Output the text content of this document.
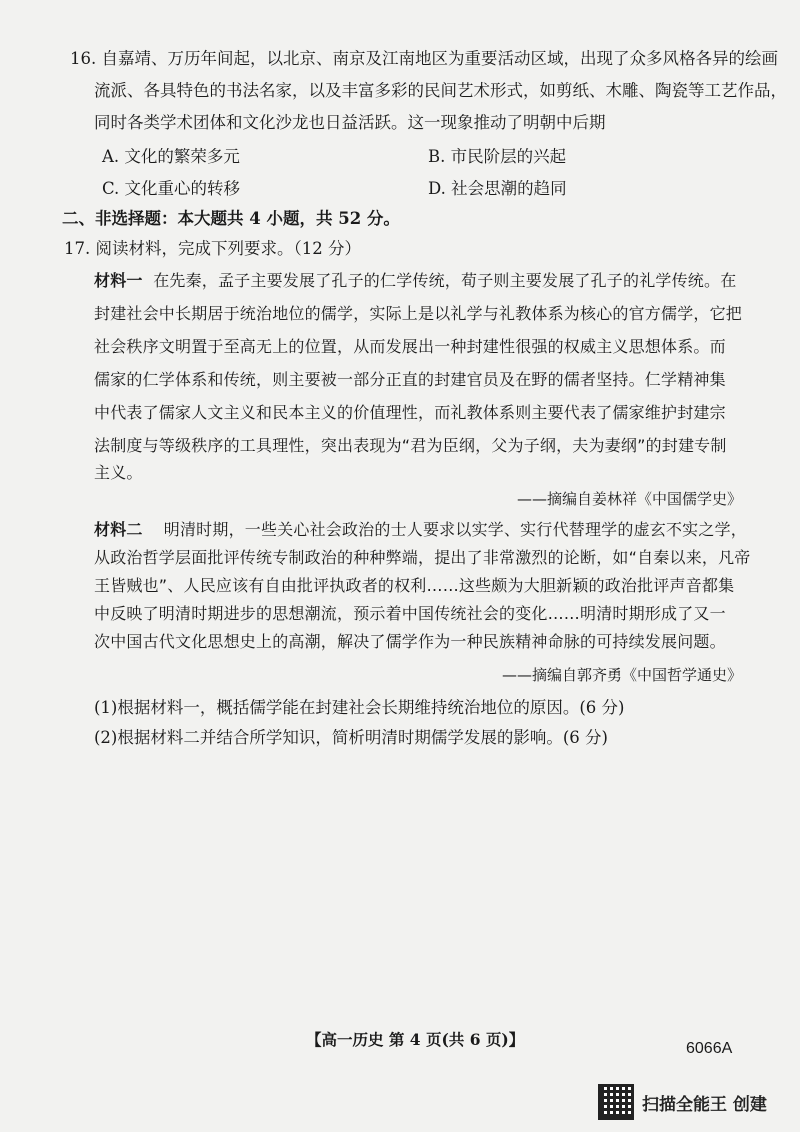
16. 自嘉靖、万历年间起，以北京、南京及江南地区为重要活动区域，出现了众多风格各异的绘画
流派、各具特色的书法名家，以及丰富多彩的民间艺术形式，如剪纸、木雕、陶瓷等工艺作品，
同时各类学术团体和文化沙龙也日益活跃。这一现象推动了明朝中后期
A. 文化的繁荣多元	B. 市民阶层的兴起
C. 文化重心的转移	D. 社会思潮的趋同
二、非选择题：本大题共 4 小题，共 52 分。
17. 阅读材料，完成下列要求。（12 分）
材料一 在先秦，孟子主要发展了孔子的仁学传统，荀子则主要发展了孔子的礼学传统。在
封建社会中长期居于统治地位的儒学，实际上是以礼学与礼教体系为核心的官方儒学，它把
社会秩序文明置于至高无上的位置，从而发展出一种封建性很强的权威主义思想体系。而
儒家的仁学体系和传统，则主要被一部分正直的封建官员及在野的儒者坚持。仁学精神集
中代表了儒家人文主义和民本主义的价值理性，而礼教体系则主要代表了儒家维护封建宗
法制度与等级秩序的工具理性，突出表现为“君为臣纲，父为子纲，夫为妻纲”的封建专制
主义。
——摘编自姜林祥《中国儒学史》
材料二 明清时期，一些关心社会政治的士人要求以实学、实行代替理学的虚玄不实之学，
从政治哲学层面批评传统专制政治的种种弊端，提出了非常激烈的论断，如“自秦以来，凡帝
王皆贼也”、人民应该有自由批评执政者的权利……这些颇为大胆新颖的政治批评声音都集
中反映了明清时期进步的思想潮流，预示着中国传统社会的变化……明清时期形成了又一
次中国古代文化思想史上的高潮，解决了儒学作为一种民族精神命脉的可持续发展问题。
——摘编自郭齐勇《中国哲学通史》
(1)根据材料一，概括儒学能在封建社会长期维持统治地位的原因。(6 分)
(2)根据材料二并结合所学知识，简析明清时期儒学发展的影响。(6 分)
【高一历史 第 4 页(共 6 页)】	6066A
扫描全能王 创建
